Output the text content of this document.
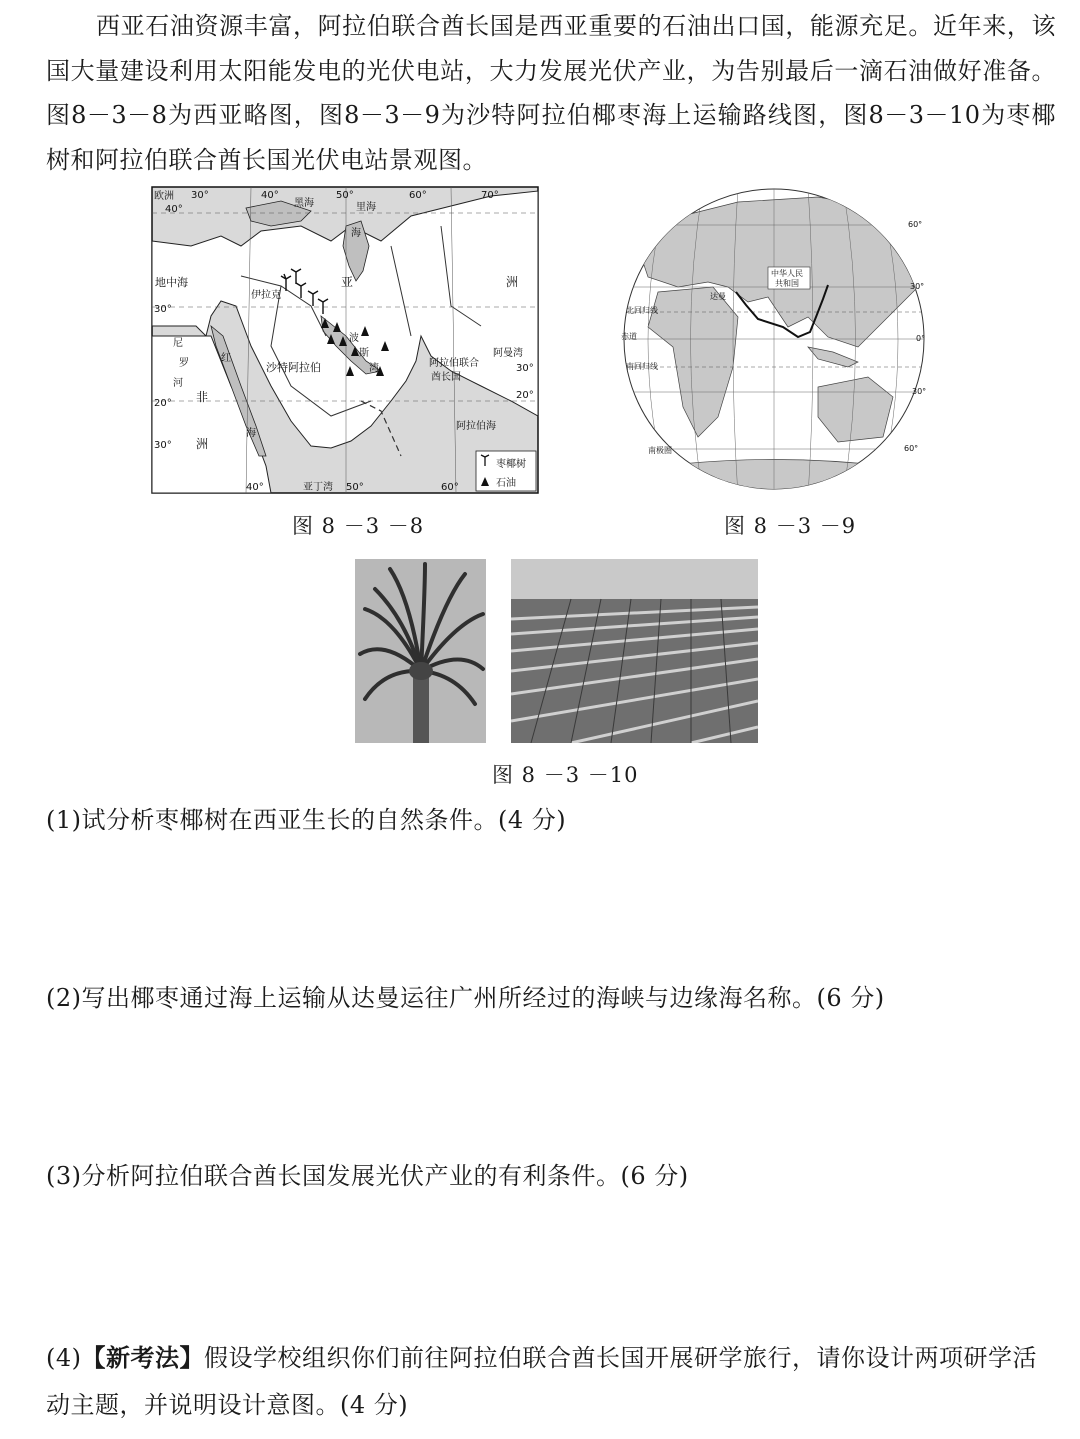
西亚石油资源丰富，阿拉伯联合酋长国是西亚重要的石油出口国，能源充足。近年来，该国大量建设利用太阳能发电的光伏电站，大力发展光伏产业，为告别最后一滴石油做好准备。图8－3－8为西亚略图，图8－3－9为沙特阿拉伯椰枣海上运输路线图，图8－3－10为枣椰树和阿拉伯联合酋长国光伏电站景观图。

欧洲
黑海	里海
海
地中海	亚	洲
伊拉克
尼
罗
河
非
洲
红
海
沙特阿拉伯
波
斯
湾	阿拉伯联合
酋长国
阿曼湾
阿拉伯海
亚丁湾
40°
30°
20°
30°
20°
30°
30°	40°	50°	60°	70°
40°	50°	60°
枣椰树
石油
图 8 －3 －8
中华人民
共和国
达曼
赤道
北回归线
南回归线
南极圈
60°
30°
0°
30°
60°
图 8 －3 －9
图 8 －3 －10

(1)试分析枣椰树在西亚生长的自然条件。(4 分)

(2)写出椰枣通过海上运输从达曼运往广州所经过的海峡与边缘海名称。(6 分)

(3)分析阿拉伯联合酋长国发展光伏产业的有利条件。(6 分)

(4)【新考法】假设学校组织你们前往阿拉伯联合酋长国开展研学旅行，请你设计两项研学活动主题，并说明设计意图。(4 分)
